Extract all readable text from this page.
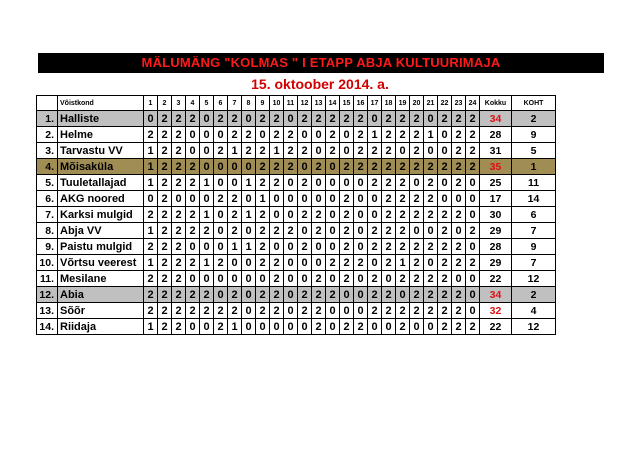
MÄLUMÄNG "KOLMAS " I ETAPP ABJA KULTUURIMAJA
15. oktoober 2014. a.
	Võistkond	1	2	3	4	5	6	7	8	9	10	11	12	13	14	15	16	17	18	19	20	21	22	23	24	Kokku	KOHT
1.	Halliste	0	2	2	2	0	2	2	0	2	2	0	2	2	2	2	2	0	2	2	2	0	2	2	2	34	2
2.	Helme	2	2	2	0	0	0	2	2	0	2	2	0	0	2	0	2	1	2	2	2	1	0	2	2	28	9
3.	Tarvastu VV	1	2	2	0	0	2	1	2	2	1	2	2	0	2	0	2	2	2	0	2	0	0	2	2	31	5
4.	Mõisaküla	1	2	2	2	0	0	0	0	2	2	2	0	2	0	2	2	2	2	2	2	2	2	2	2	35	1
5.	Tuuletallajad	1	2	2	2	1	0	0	1	2	2	0	2	0	0	0	0	2	2	2	0	2	0	2	0	25	11
6.	AKG noored	0	2	0	0	0	2	2	0	1	0	0	0	0	0	2	0	0	2	2	2	2	0	0	0	17	14
7.	Karksi mulgid	2	2	2	2	1	0	2	1	2	0	0	2	2	0	2	0	0	2	2	2	2	2	2	0	30	6
8.	Abja VV	1	2	2	2	2	0	2	0	2	2	2	0	2	0	2	0	2	2	2	0	0	2	0	2	29	7
9.	Paistu mulgid	2	2	2	0	0	0	1	1	2	0	0	2	0	0	2	0	2	2	2	2	2	2	2	0	28	9
10.	Võrtsu veerest	1	2	2	2	1	2	0	0	2	2	0	0	0	2	2	2	0	2	1	2	0	2	2	2	29	7
11.	Mesilane	2	2	2	0	0	0	0	0	0	2	0	0	2	0	2	0	2	0	2	2	2	2	0	0	22	12
12.	Abia	2	2	2	2	2	0	2	0	2	2	0	2	2	2	0	0	2	2	0	2	2	2	2	0	34	2
13.	Sõõr	2	2	2	2	2	2	2	0	2	2	0	2	2	0	0	0	2	2	2	2	2	2	2	0	32	4
14.	Riidaja	1	2	2	0	0	2	1	0	0	0	0	0	2	0	2	2	0	0	2	0	0	2	2	2	22	12
